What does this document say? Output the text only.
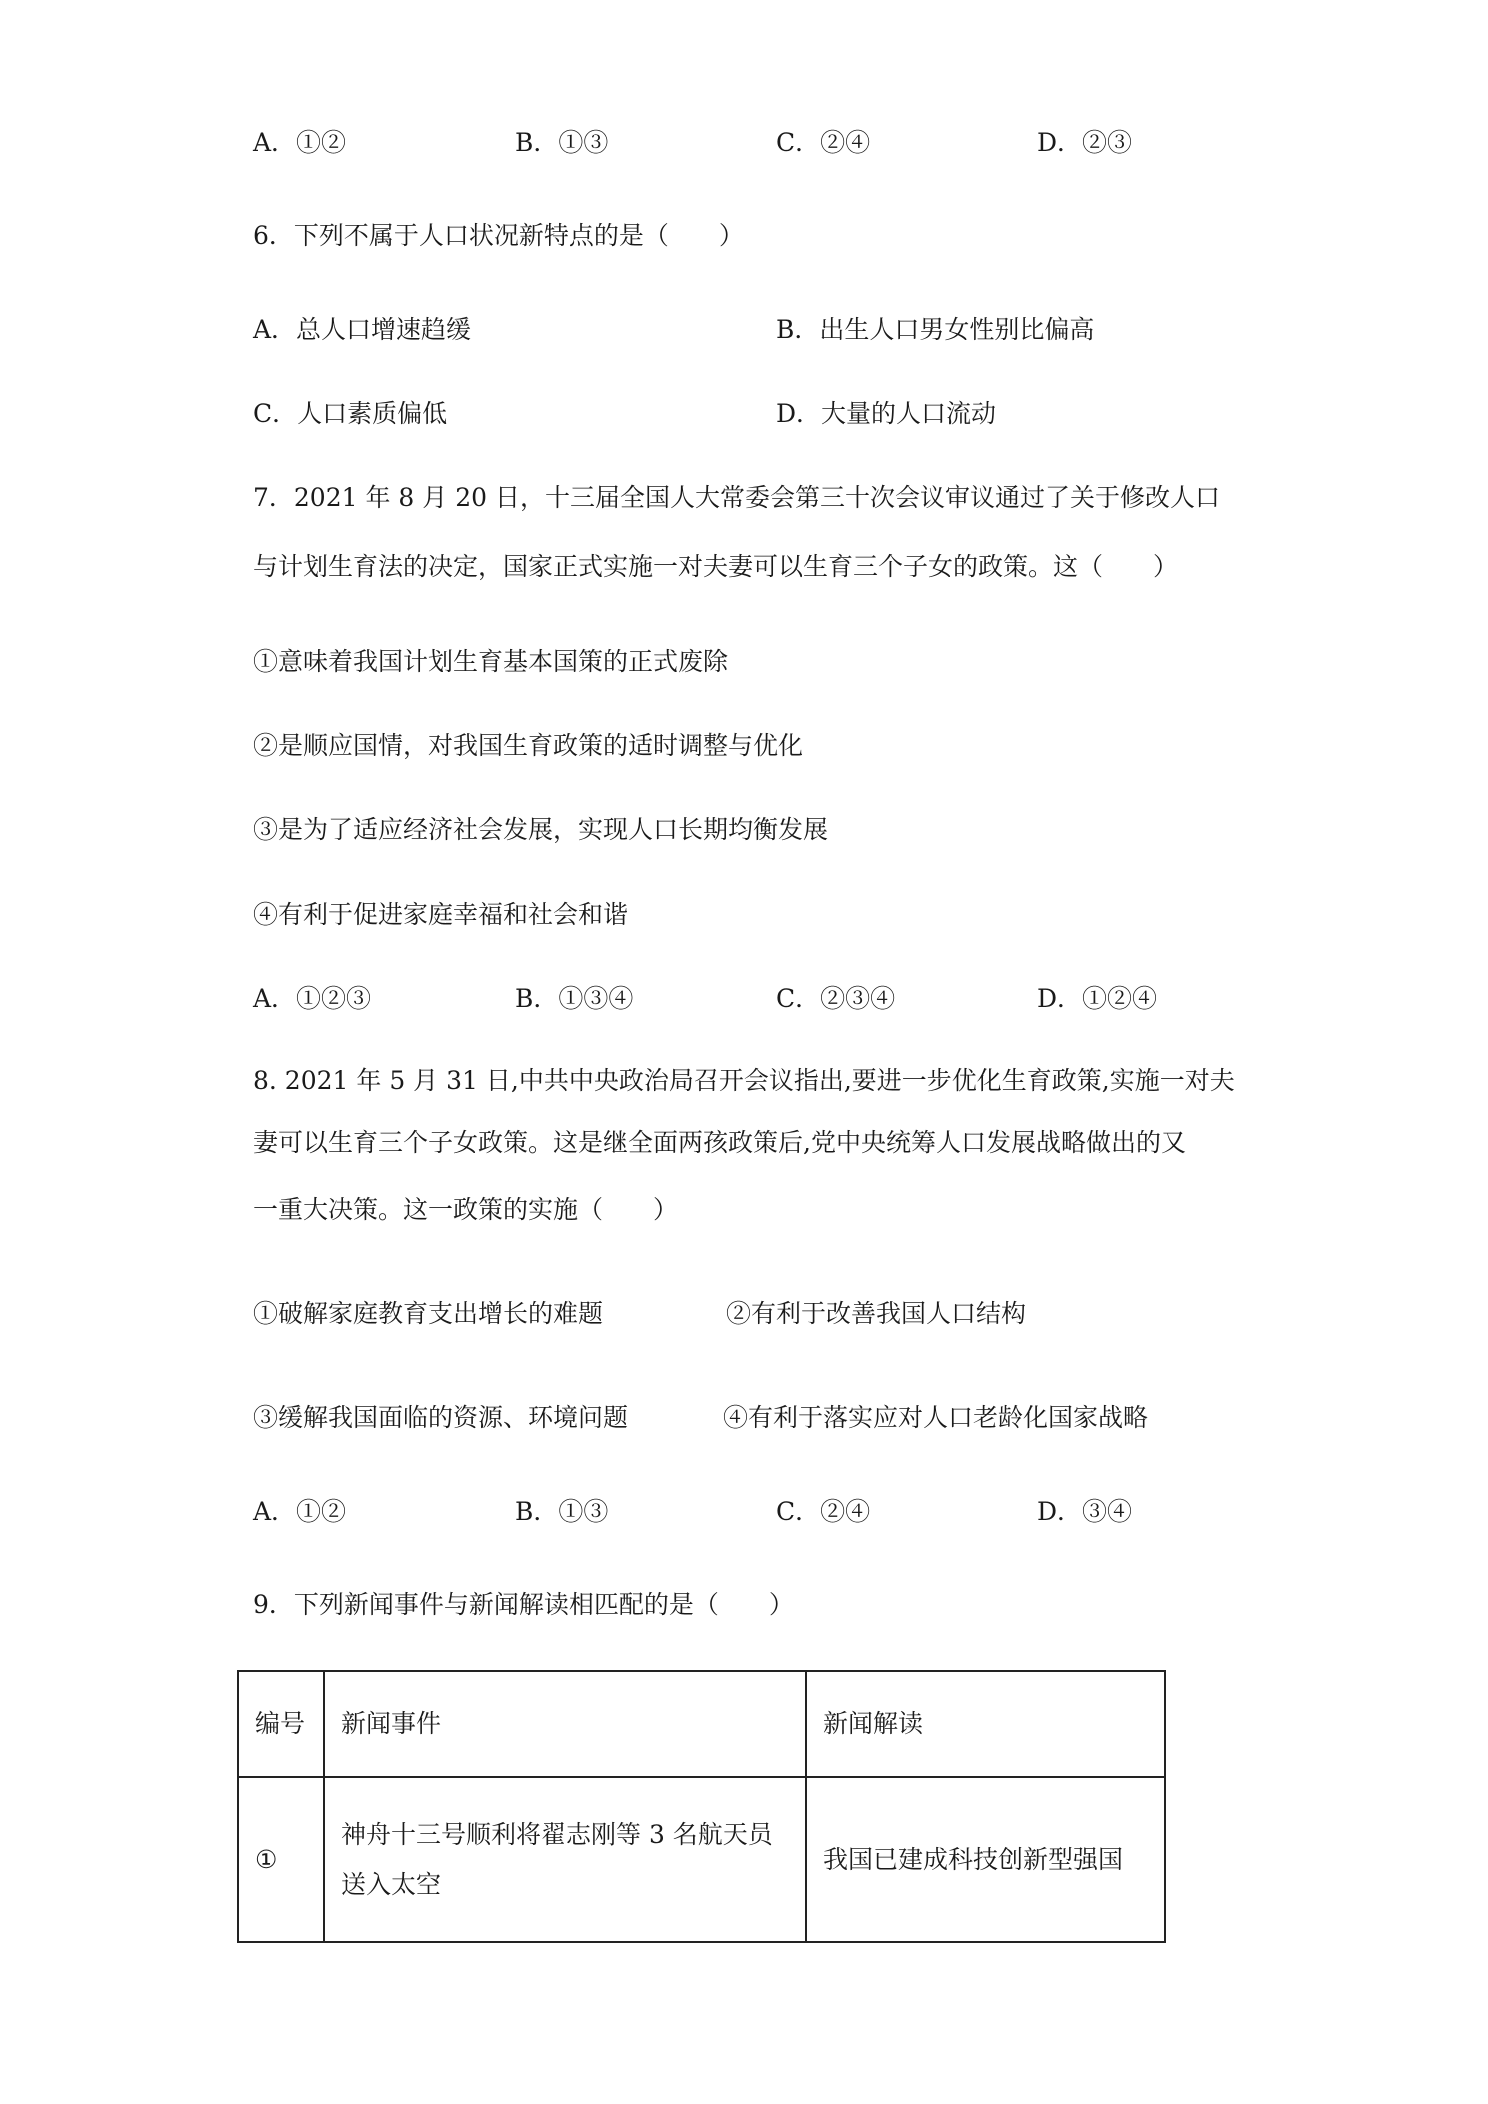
A．①②	B．①③	C．②④	D．②③
6．下列不属于人口状况新特点的是（　　）
A．总人口增速趋缓	B．出生人口男女性别比偏高
C．人口素质偏低	D．大量的人口流动
7．2021 年 8 月 20 日，十三届全国人大常委会第三十次会议审议通过了关于修改人口
与计划生育法的决定，国家正式实施一对夫妻可以生育三个子女的政策。这（　　）
①意味着我国计划生育基本国策的正式废除
②是顺应国情，对我国生育政策的适时调整与优化
③是为了适应经济社会发展，实现人口长期均衡发展
④有利于促进家庭幸福和社会和谐
A．①②③	B．①③④	C．②③④	D．①②④
8. 2021 年 5 月 31 日,中共中央政治局召开会议指出,要进一步优化生育政策,实施一对夫
妻可以生育三个子女政策。这是继全面两孩政策后,党中央统筹人口发展战略做出的又
一重大决策。这一政策的实施（　　）
①破解家庭教育支出增长的难题	②有利于改善我国人口结构
③缓解我国面临的资源、环境问题	④有利于落实应对人口老龄化国家战略
A．①②	B．①③	C．②④	D．③④
9．下列新闻事件与新闻解读相匹配的是（　　）
编号	新闻事件	新闻解读
①	神舟十三号顺利将翟志刚等 3 名航天员
送入太空	我国已建成科技创新型强国
